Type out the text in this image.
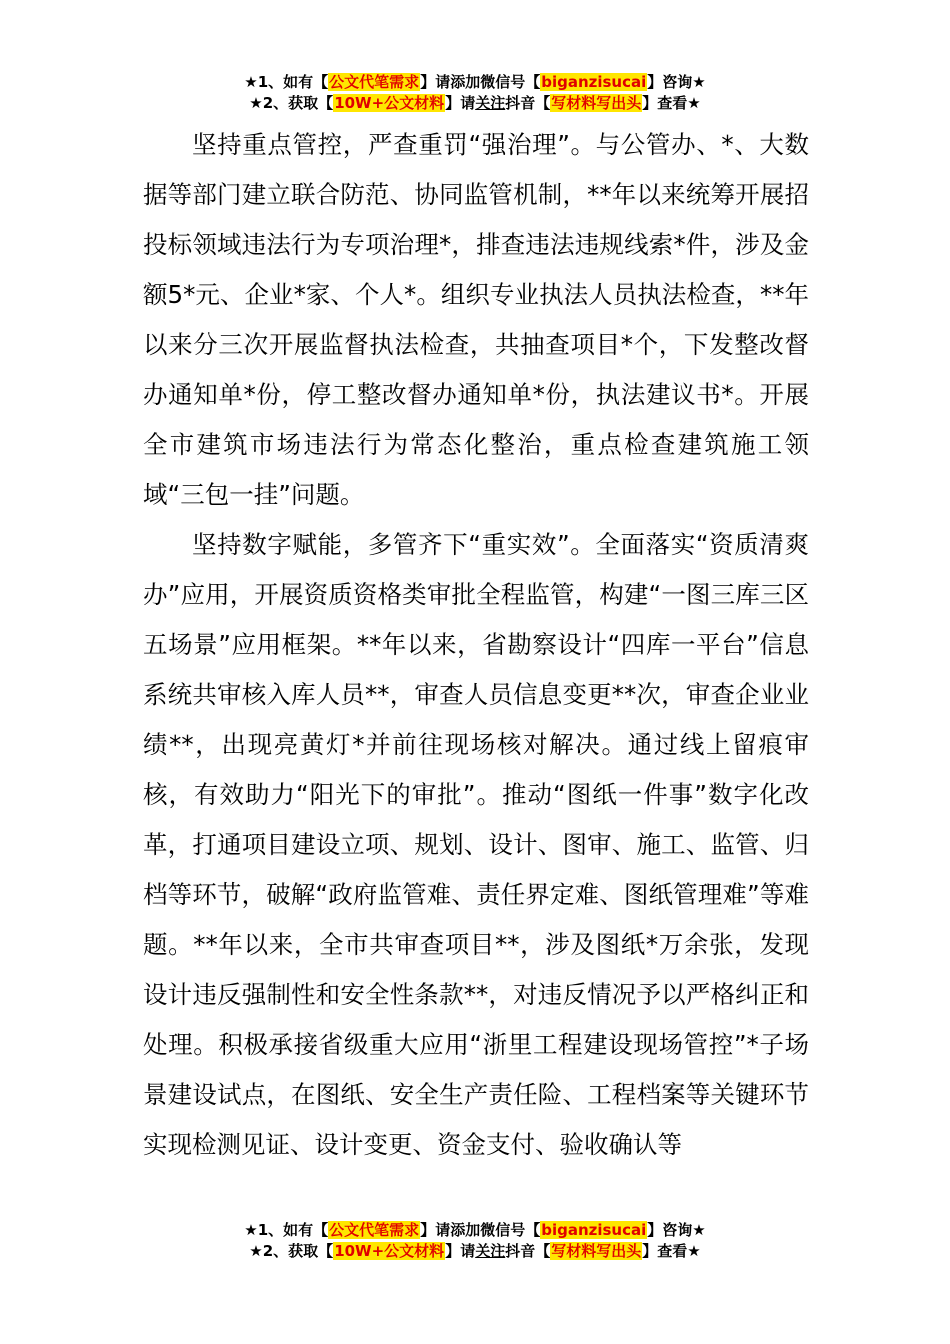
★1、如有【公文代笔需求】请添加微信号【biganzisucai】咨询★
★2、获取【10W+公文材料】请关注抖音【写材料写出头】查看★

坚持重点管控，严查重罚“强治理”。与公管办、*、大数据等部门建立联合防范、协同监管机制，**年以来统筹开展招投标领域违法行为专项治理*，排查违法违规线索*件，涉及金额5*元、企业*家、个人*。组织专业执法人员执法检查，**年以来分三次开展监督执法检查，共抽查项目*个，下发整改督办通知单*份，停工整改督办通知单*份，执法建议书*。开展全市建筑市场违法行为常态化整治，重点检查建筑施工领域“三包一挂”问题。

坚持数字赋能，多管齐下“重实效”。全面落实“资质清爽办”应用，开展资质资格类审批全程监管，构建“一图三库三区五场景”应用框架。**年以来，省勘察设计“四库一平台”信息系统共审核入库人员**，审查人员信息变更**次，审查企业业绩**，出现亮黄灯*并前往现场核对解决。通过线上留痕审核，有效助力“阳光下的审批”。推动“图纸一件事”数字化改革，打通项目建设立项、规划、设计、图审、施工、监管、归档等环节，破解“政府监管难、责任界定难、图纸管理难”等难题。**年以来，全市共审查项目**，涉及图纸*万余张，发现设计违反强制性和安全性条款**，对违反情况予以严格纠正和处理。积极承接省级重大应用“浙里工程建设现场管控”*子场景建设试点，在图纸、安全生产责任险、工程档案等关键环节实现检测见证、设计变更、资金支付、验收确认等

★1、如有【公文代笔需求】请添加微信号【biganzisucai】咨询★
★2、获取【10W+公文材料】请关注抖音【写材料写出头】查看★
